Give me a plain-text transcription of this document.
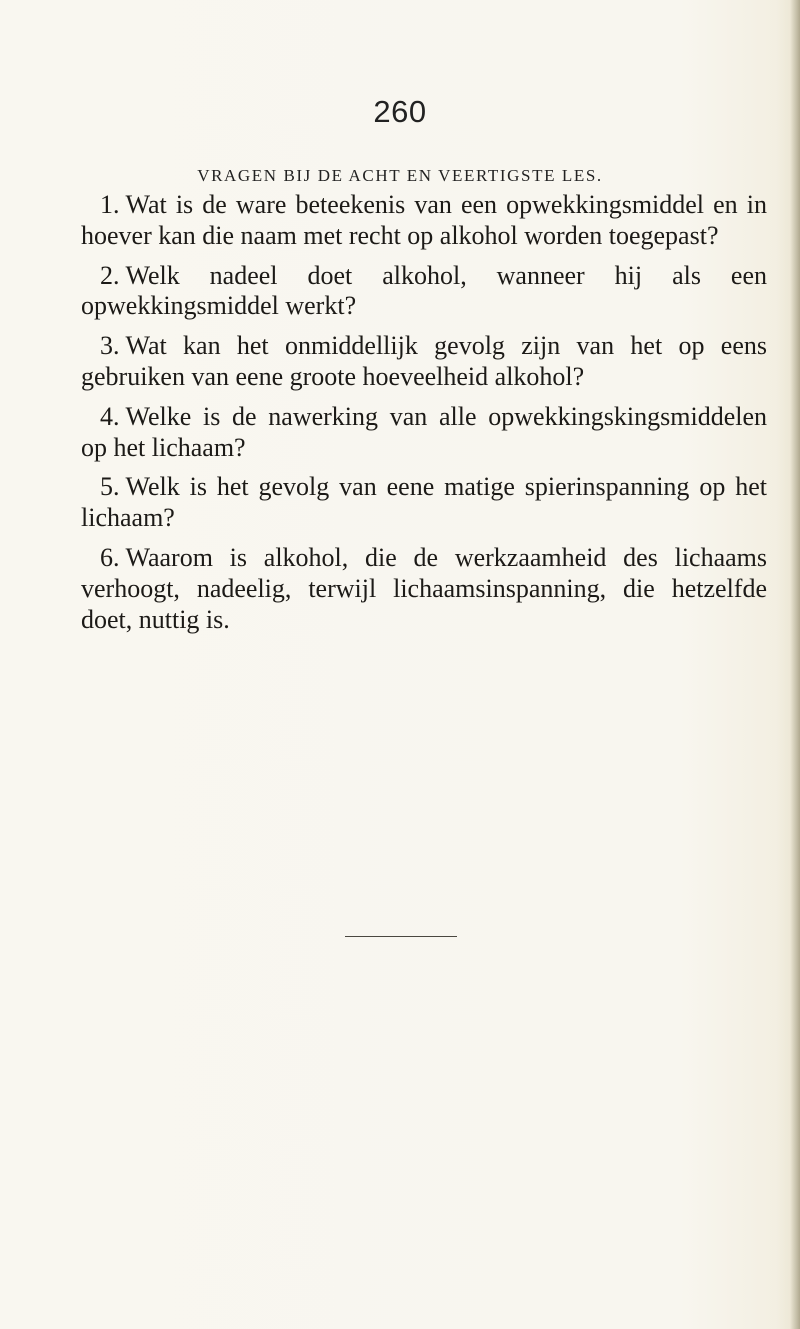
260
VRAGEN BIJ DE ACHT EN VEERTIGSTE LES.

1. Wat is de ware beteekenis van een opwekkingsmiddel en in hoever kan die naam met recht op alkohol worden toegepast?

2. Welk nadeel doet alkohol, wanneer hij als een opwekkingsmiddel werkt?

3. Wat kan het onmiddellijk gevolg zijn van het op eens gebruiken van eene groote hoeveelheid alkohol?

4. Welke is de nawerking van alle opwekkingskingsmiddelen op het lichaam?

5. Welk is het gevolg van eene matige spierinspanning op het lichaam?

6. Waarom is alkohol, die de werkzaamheid des lichaams verhoogt, nadeelig, terwijl lichaamsinspanning, die hetzelfde doet, nuttig is.
